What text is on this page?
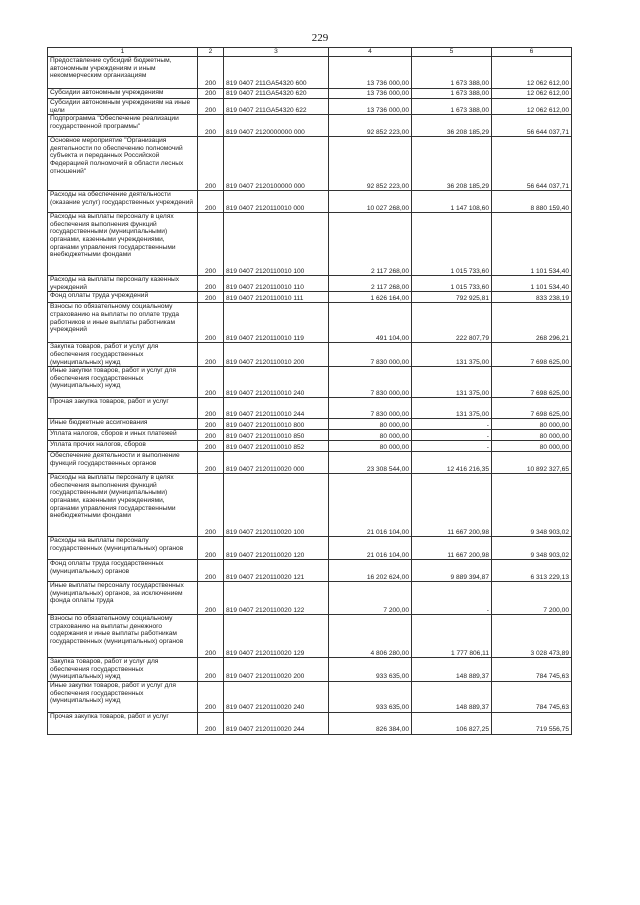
229
1	2	3	4	5	6
Предоставление субсидий бюджетным, автономным учреждениям и иным некоммерческим организациям	200	819 0407 211GA54320 600	13 736 000,00	1 673 388,00	12 062 612,00
Субсидии автономным учреждениям	200	819 0407 211GA54320 620	13 736 000,00	1 673 388,00	12 062 612,00
Субсидии автономным учреждениям на иные цели	200	819 0407 211GA54320 622	13 736 000,00	1 673 388,00	12 062 612,00
Подпрограмма "Обеспечение реализации государственной программы"	200	819 0407 2120000000 000	92 852 223,00	36 208 185,29	56 644 037,71
Основное мероприятие "Организация деятельности по обеспечению полномочий субъекта и переданных Российской Федерацией полномочий в области лесных отношений"	200	819 0407 2120100000 000	92 852 223,00	36 208 185,29	56 644 037,71
Расходы на обеспечение деятельности (оказание услуг) государственных учреждений	200	819 0407 2120110010 000	10 027 268,00	1 147 108,60	8 880 159,40
Расходы на выплаты персоналу в целях обеспечения выполнения функций государственными (муниципальными) органами, казенными учреждениями, органами управления государственными внебюджетными фондами	200	819 0407 2120110010 100	2 117 268,00	1 015 733,60	1 101 534,40
Расходы на выплаты персоналу казенных учреждений	200	819 0407 2120110010 110	2 117 268,00	1 015 733,60	1 101 534,40
Фонд оплаты труда учреждений	200	819 0407 2120110010 111	1 626 164,00	792 925,81	833 238,19
Взносы по обязательному социальному страхованию на выплаты по оплате труда работников и иные выплаты работникам учреждений	200	819 0407 2120110010 119	491 104,00	222 807,79	268 296,21
Закупка товаров, работ и услуг для обеспечения государственных (муниципальных) нужд	200	819 0407 2120110010 200	7 830 000,00	131 375,00	7 698 625,00
Иные закупки товаров, работ и услуг для обеспечения государственных (муниципальных) нужд	200	819 0407 2120110010 240	7 830 000,00	131 375,00	7 698 625,00
Прочая закупка товаров, работ и услуг	200	819 0407 2120110010 244	7 830 000,00	131 375,00	7 698 625,00
Иные бюджетные ассигнования	200	819 0407 2120110010 800	80 000,00	-	80 000,00
Уплата налогов, сборов и иных платежей	200	819 0407 2120110010 850	80 000,00	-	80 000,00
Уплата прочих налогов, сборов	200	819 0407 2120110010 852	80 000,00	-	80 000,00
Обеспечение деятельности и выполнение функций государственных органов	200	819 0407 2120110020 000	23 308 544,00	12 416 216,35	10 892 327,65
Расходы на выплаты персоналу в целях обеспечения выполнения функций государственными (муниципальными) органами, казенными учреждениями, органами управления государственными внебюджетными фондами	200	819 0407 2120110020 100	21 016 104,00	11 667 200,98	9 348 903,02
Расходы на выплаты персоналу государственных (муниципальных) органов	200	819 0407 2120110020 120	21 016 104,00	11 667 200,98	9 348 903,02
Фонд оплаты труда государственных (муниципальных) органов	200	819 0407 2120110020 121	16 202 624,00	9 889 394,87	6 313 229,13
Иные выплаты персоналу государственных (муниципальных) органов, за исключением фонда оплаты труда	200	819 0407 2120110020 122	7 200,00	-	7 200,00
Взносы по обязательному социальному страхованию на выплаты денежного содержания и иные выплаты работникам государственных (муниципальных) органов	200	819 0407 2120110020 129	4 806 280,00	1 777 806,11	3 028 473,89
Закупка товаров, работ и услуг для обеспечения государственных (муниципальных) нужд	200	819 0407 2120110020 200	933 635,00	148 889,37	784 745,63
Иные закупки товаров, работ и услуг для обеспечения государственных (муниципальных) нужд	200	819 0407 2120110020 240	933 635,00	148 889,37	784 745,63
Прочая закупка товаров, работ и услуг	200	819 0407 2120110020 244	826 384,00	106 827,25	719 556,75
